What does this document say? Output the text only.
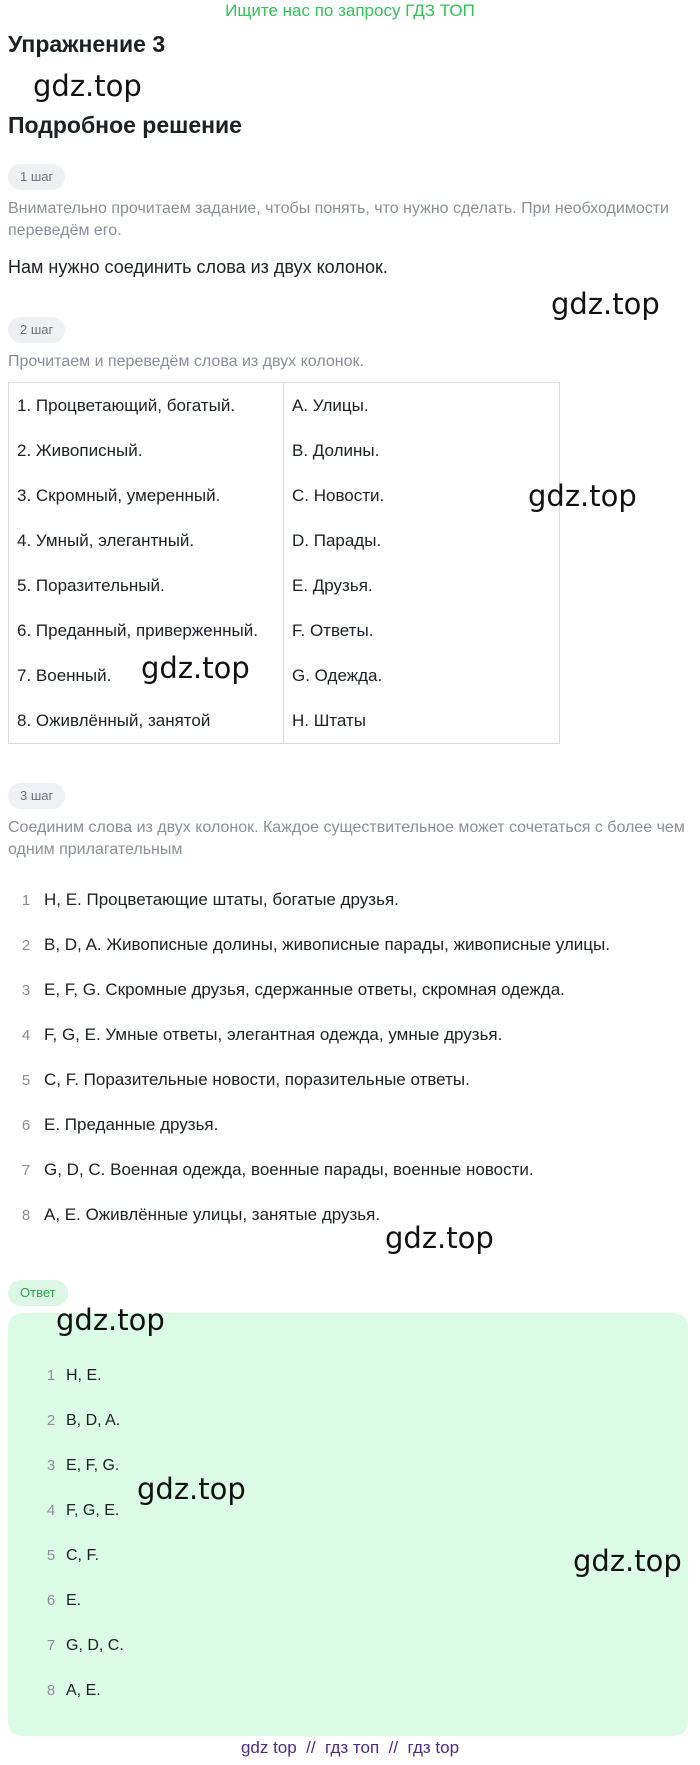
Ищите нас по запросу ГДЗ ТОП
Упражнение 3
gdz.top
Подробное решение
1 шаг

Внимательно прочитаем задание, чтобы понять, что нужно сделать. При необходимости переведём его.

Нам нужно соединить слова из двух колонок.

gdz.top
2 шаг

Прочитаем и переведём слова из двух колонок.

1. Процветающий, богатый.	A. Улицы.
2. Живописный.	B. Долины.
3. Скромный, умеренный.	C. Новости.
4. Умный, элегантный.	D. Парады.
5. Поразительный.	E. Друзья.
6. Преданный, приверженный.	F. Ответы.
7. Военный.	G. Одежда.
8. Оживлённый, занятой	H. Штаты
gdz.top
gdz.top
3 шаг

Соединим слова из двух колонок. Каждое существительное может сочетаться с более чем одним прилагательным

1 H, E. Процветающие штаты, богатые друзья.
2 B, D, A. Живописные долины, живописные парады, живописные улицы.
3 E, F, G. Скромные друзья, сдержанные ответы, скромная одежда.
4 F, G, E. Умные ответы, элегантная одежда, умные друзья.
5 C, F. Поразительные новости, поразительные ответы.
6 E. Преданные друзья.
7 G, D, C. Военная одежда, военные парады, военные новости.
8 A, E. Оживлённые улицы, занятые друзья.
gdz.top
Ответ
1 H, E.
2 B, D, A.
3 E, F, G.
4 F, G, E.
5 C, F.
6 E.
7 G, D, C.
8 A, E.
gdz.top
gdz.top
gdz.top
gdz top  //  гдз топ  //  гдз top
